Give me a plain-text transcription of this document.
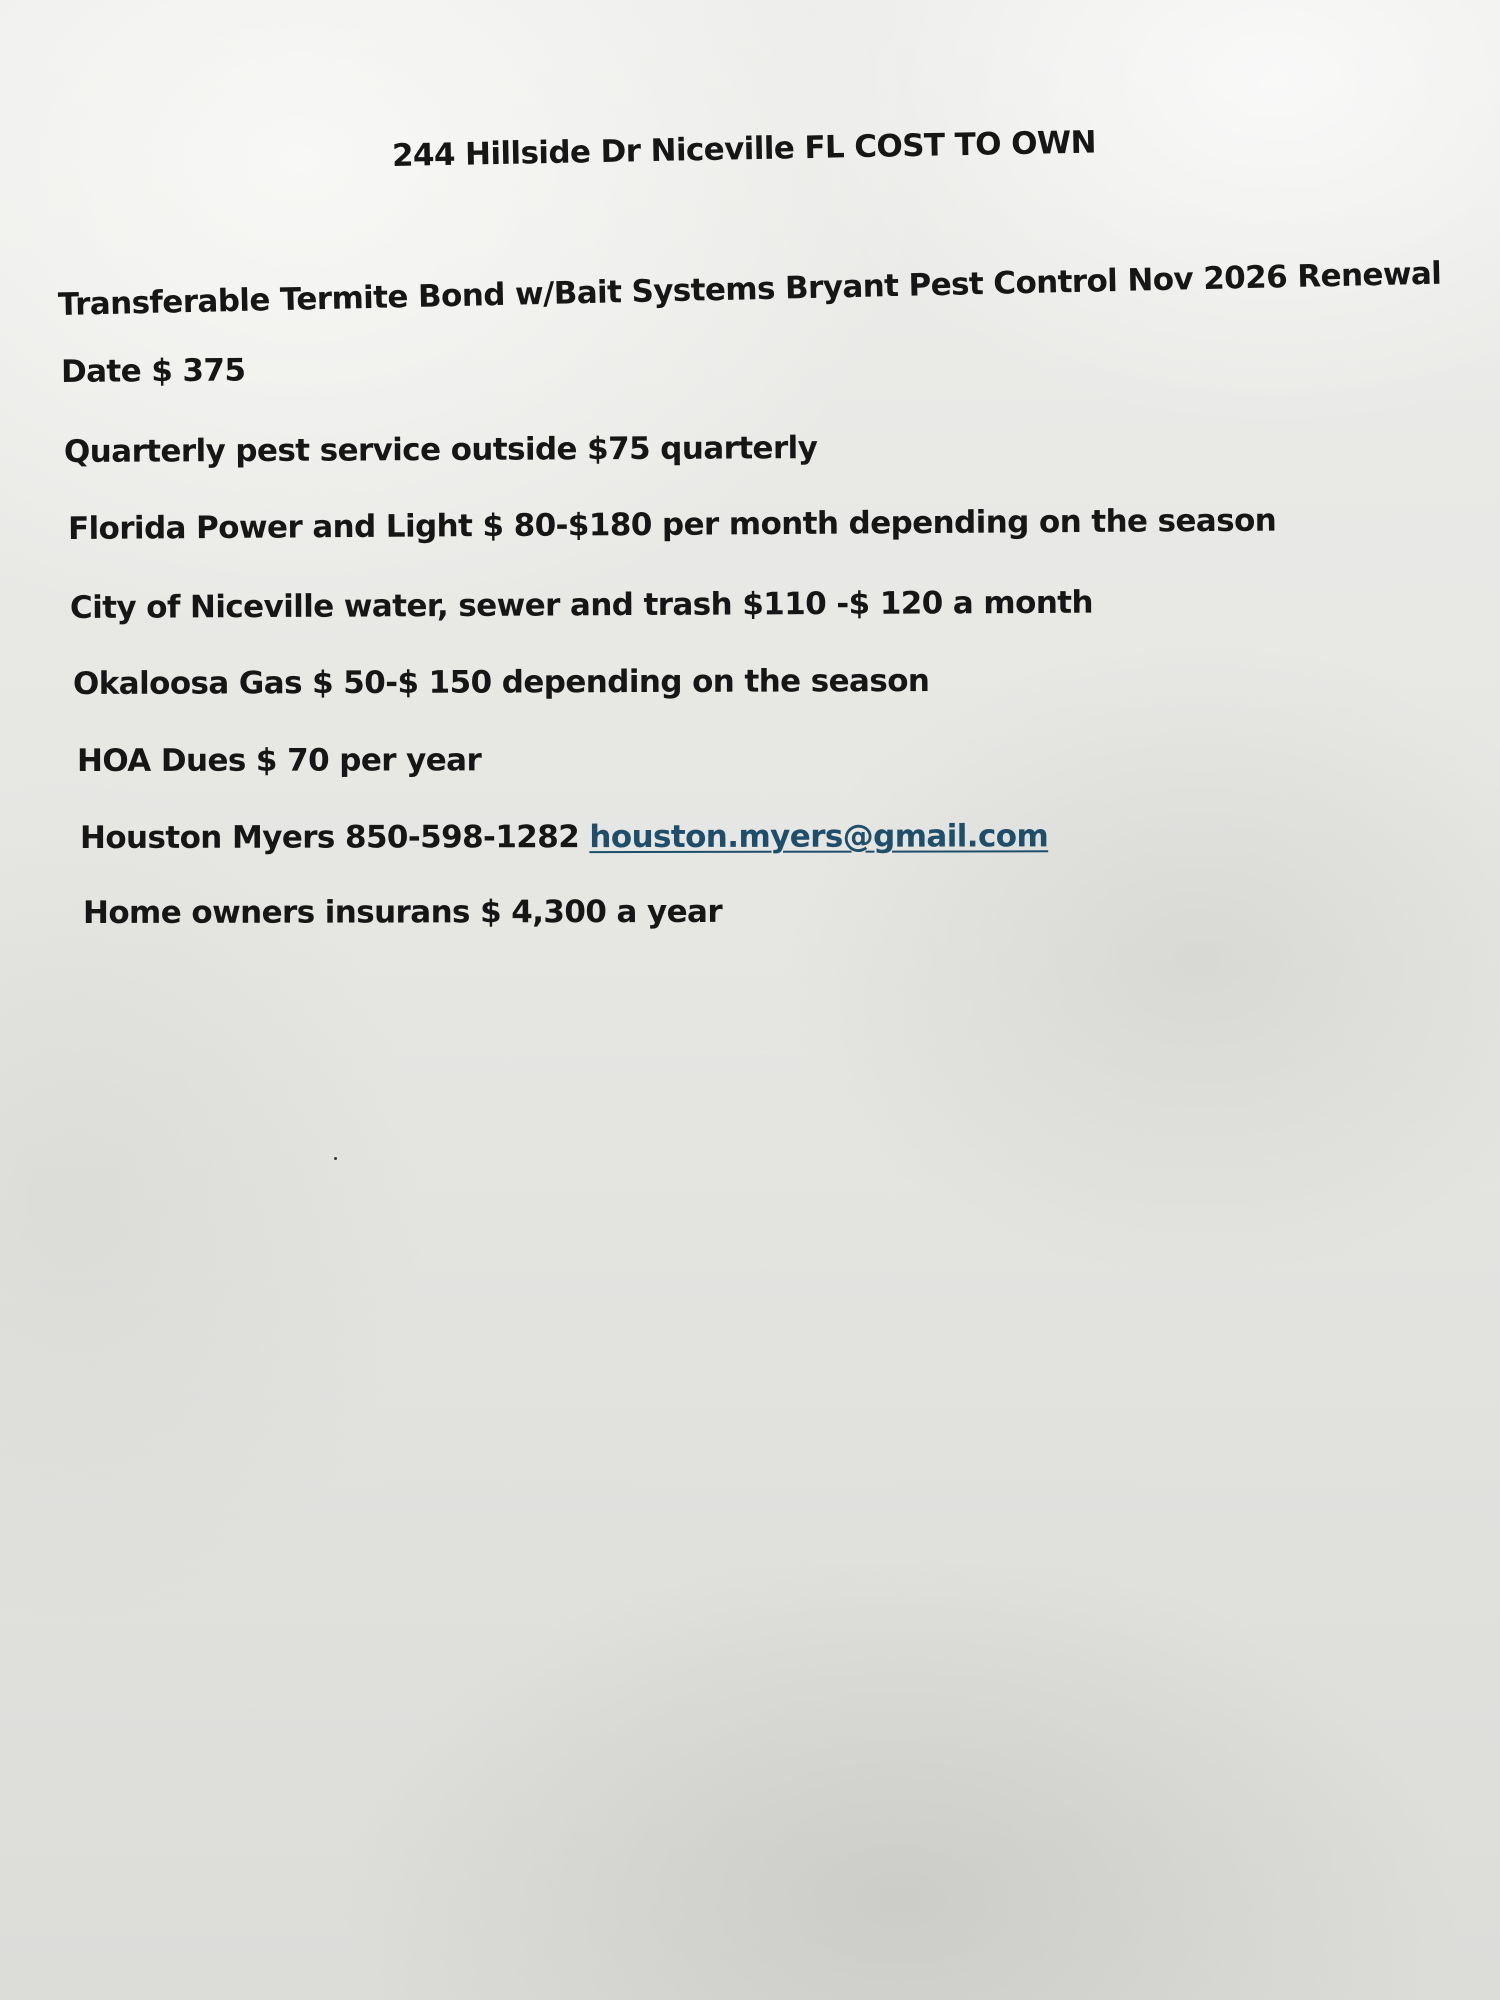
244 Hillside Dr Niceville FL COST TO OWN
Transferable Termite Bond w/Bait Systems Bryant Pest Control Nov 2026 Renewal
Date $ 375
Quarterly pest service outside $75 quarterly
Florida Power and Light $ 80-$180 per month depending on the season
City of Niceville water, sewer and trash $110 -$ 120 a month
Okaloosa Gas $ 50-$ 150 depending on the season
HOA Dues $ 70 per year
Houston Myers 850-598-1282 houston.myers@gmail.com
Home owners insurans $ 4,300 a year
